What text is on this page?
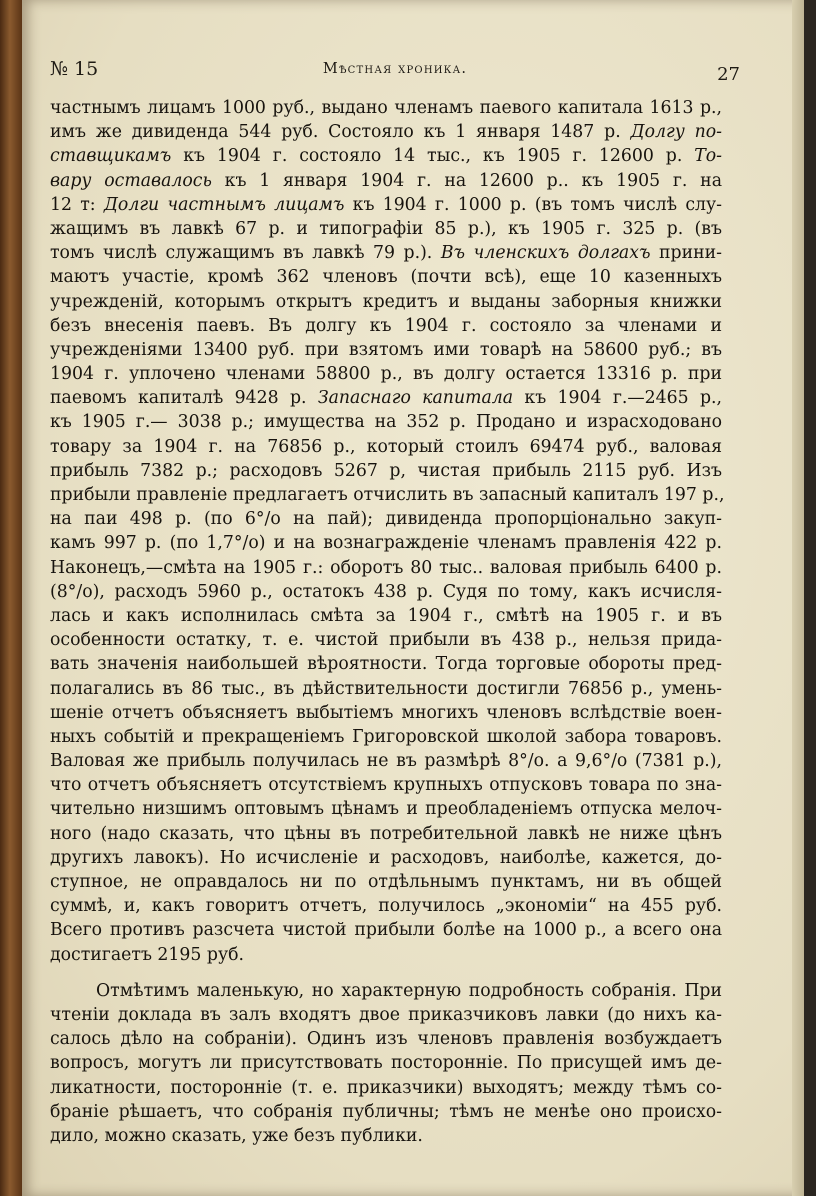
№ 15	Мѣстная хроника.	27
частнымъ лицамъ 1000 руб., выдано членамъ паевого капитала 1613 р.,
имъ же дивиденда 544 руб. Состояло къ 1 января 1487 р. Долгу по-
ставщикамъ къ 1904 г. состояло 14 тыс., къ 1905 г. 12600 р. То-
вару оставалось къ 1 января 1904 г. на 12600 р.. къ 1905 г. на
12 т: Долги частнымъ лицамъ къ 1904 г. 1000 р. (въ томъ числѣ слу-
жащимъ въ лавкѣ 67 р. и типографіи 85 р.), къ 1905 г. 325 р. (въ
томъ числѣ служащимъ въ лавкѣ 79 р.). Въ членскихъ долгахъ прини-
маютъ участіе, кромѣ 362 членовъ (почти всѣ), еще 10 казенныхъ
учрежденій, которымъ открытъ кредитъ и выданы заборныя книжки
безъ внесенія паевъ. Въ долгу къ 1904 г. состояло за членами и
учрежденіями 13400 руб. при взятомъ ими товарѣ на 58600 руб.; въ
1904 г. уплочено членами 58800 р., въ долгу остается 13316 р. при
паевомъ капиталѣ 9428 р. Запаснаго капитала къ 1904 г.—2465 р.,
къ 1905 г.— 3038 р.; имущества на 352 р. Продано и израсходовано
товару за 1904 г. на 76856 р., который стоилъ 69474 руб., валовая
прибыль 7382 р.; расходовъ 5267 р, чистая прибыль 2115 руб. Изъ
прибыли правленіе предлагаетъ отчислить въ запасный капиталъ 197 р.,
на паи 498 р. (по 6°/о на пай); дивиденда пропорціонально закуп-
камъ 997 р. (по 1,7°/о) и на вознагражденіе членамъ правленія 422 р.
Наконецъ,—смѣта на 1905 г.: оборотъ 80 тыс.. валовая прибыль 6400 р.
(8°/о), расходъ 5960 р., остатокъ 438 р. Судя по тому, какъ исчисля-
лась и какъ исполнилась смѣта за 1904 г., смѣтѣ на 1905 г. и въ
особенности остатку, т. е. чистой прибыли въ 438 р., нельзя прида-
вать значенія наибольшей вѣроятности. Тогда торговые обороты пред-
полагались въ 86 тыс., въ дѣйствительности достигли 76856 р., умень-
шеніе отчетъ объясняетъ выбытіемъ многихъ членовъ вслѣдствіе воен-
ныхъ событій и прекращеніемъ Григоровской школой забора товаровъ.
Валовая же прибыль получилась не въ размѣрѣ 8°/о. а 9,6°/о (7381 р.),
что отчетъ объясняетъ отсутствіемъ крупныхъ отпусковъ товара по зна-
чительно низшимъ оптовымъ цѣнамъ и преобладеніемъ отпуска мелоч-
ного (надо сказать, что цѣны въ потребительной лавкѣ не ниже цѣнъ
другихъ лавокъ). Но исчисленіе и расходовъ, наиболѣе, кажется, до-
ступное, не оправдалось ни по отдѣльнымъ пунктамъ, ни въ общей
суммѣ, и, какъ говоритъ отчетъ, получилось „экономіи“ на 455 руб.
Всего противъ разсчета чистой прибыли болѣе на 1000 р., а всего она
достигаетъ 2195 руб.
Отмѣтимъ маленькую, но характерную подробность собранія. При
чтеніи доклада въ залъ входятъ двое приказчиковъ лавки (до нихъ ка-
салось дѣло на собраніи). Одинъ изъ членовъ правленія возбуждаетъ
вопросъ, могутъ ли присутствовать посторонніе. По присущей имъ де-
ликатности, посторонніе (т. е. приказчики) выходятъ; между тѣмъ со-
браніе рѣшаетъ, что собранія публичны; тѣмъ не менѣе оно происхо-
дило, можно сказать, уже безъ публики.
